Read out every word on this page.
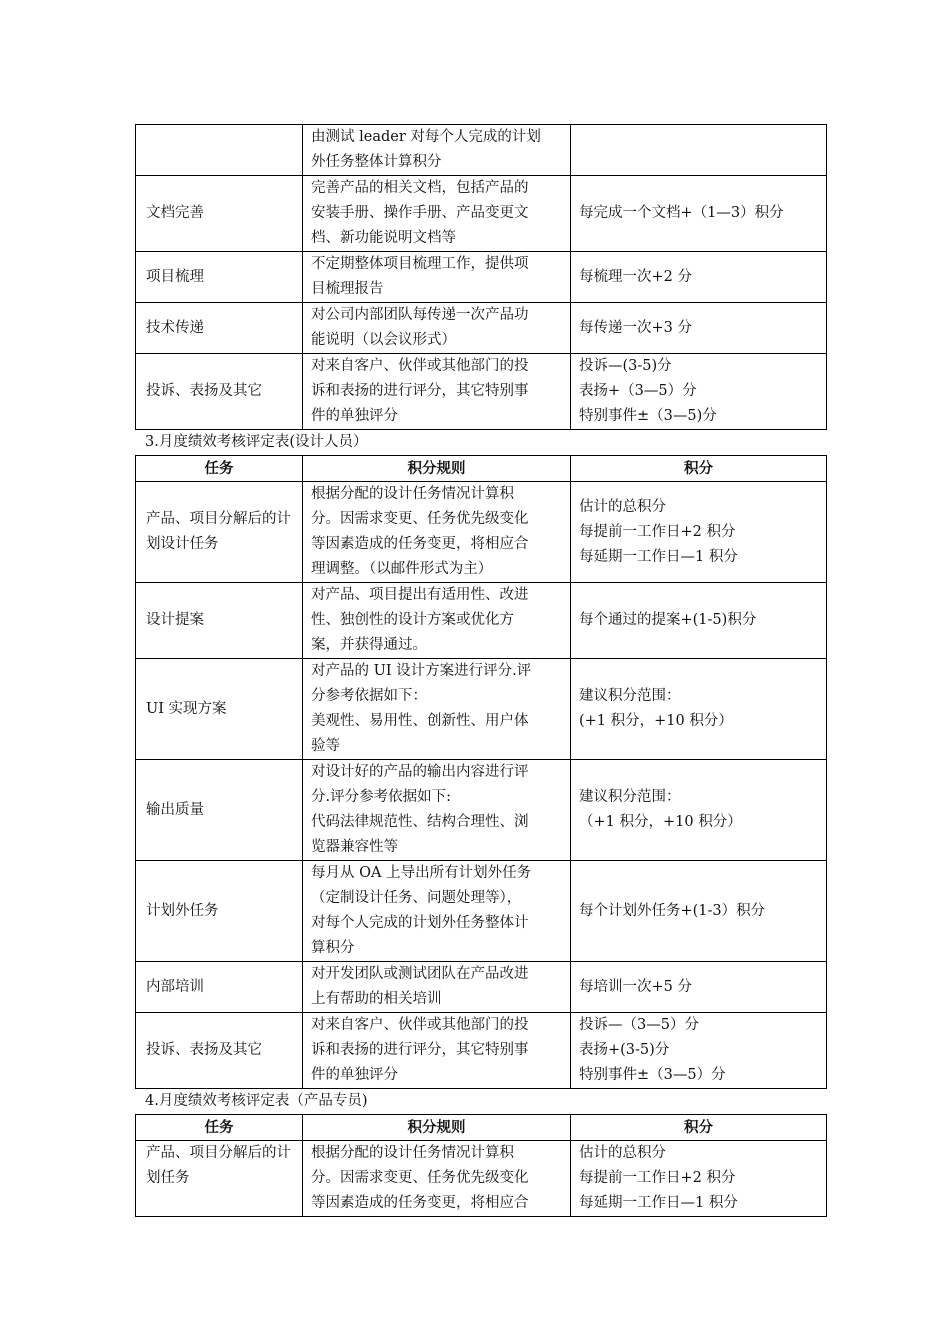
	由测试 leader 对每个人完成的计划
外任务整体计算积分	

文档完善	完善产品的相关文档，包括产品的
安装手册、操作手册、产品变更文
档、新功能说明文档等	每完成一个文档+（1—3）积分

项目梳理	不定期整体项目梳理工作，提供项
目梳理报告	每梳理一次+2 分

技术传递	对公司内部团队每传递一次产品功
能说明（以会议形式）	每传递一次+3 分

投诉、表扬及其它	对来自客户、伙伴或其他部门的投
诉和表扬的进行评分，其它特别事
件的单独评分	投诉—(3-5)分
表扬+（3—5）分
特别事件±（3—5)分
3.月度绩效考核评定表(设计人员）
任务	积分规则	积分
产品、项目分解后的计划设计任务	根据分配的设计任务情况计算积
分。因需求变更、任务优先级变化
等因素造成的任务变更，将相应合
理调整。（以邮件形式为主）	估计的总积分
每提前一工作日+2 积分
每延期一工作日—1 积分

设计提案	对产品、项目提出有适用性、改进
性、独创性的设计方案或优化方
案，并获得通过。	每个通过的提案+(1-5)积分

UI 实现方案	对产品的 UI 设计方案进行评分.评
分参考依据如下：
美观性、易用性、创新性、用户体
验等	建议积分范围：
(+1 积分，+10 积分）

输出质量	对设计好的产品的输出内容进行评
分.评分参考依据如下:
代码法律规范性、结构合理性、浏
览器兼容性等	建议积分范围：
（+1 积分，+10 积分）

计划外任务	每月从 OA 上导出所有计划外任务
（定制设计任务、问题处理等），
对每个人完成的计划外任务整体计
算积分	每个计划外任务+(1-3）积分

内部培训	对开发团队或测试团队在产品改进
上有帮助的相关培训	每培训一次+5 分

投诉、表扬及其它	对来自客户、伙伴或其他部门的投
诉和表扬的进行评分，其它特别事
件的单独评分	投诉—（3—5）分
表扬+(3-5)分
特别事件±（3—5）分
4.月度绩效考核评定表（产品专员)
任务	积分规则	积分
产品、项目分解后的计划任务	根据分配的设计任务情况计算积
分。因需求变更、任务优先级变化
等因素造成的任务变更，将相应合	估计的总积分
每提前一工作日+2 积分
每延期一工作日—1 积分
